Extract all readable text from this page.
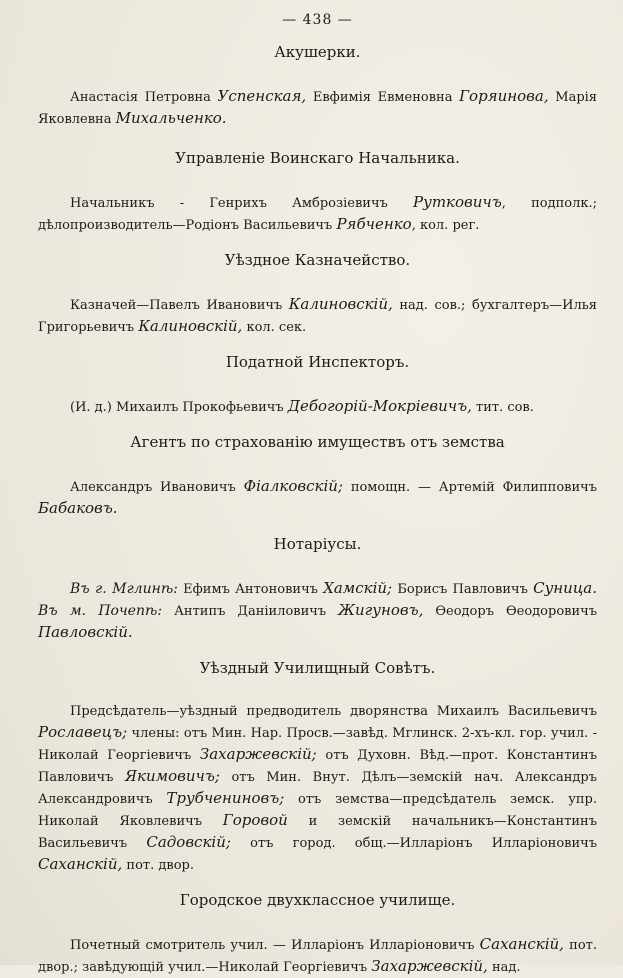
— 438 —
Акушерки.

Анастасія Петровна Успенская, Евфимія Евменовна Горяинова, Марія Яковлевна Михальченко.

Управленіе Воинскаго Начальника.

Начальникъ - Генрихъ Амброзіевичъ Рутковичъ, подполк.; дѣлопроизводитель—Родіонъ Васильевичъ Рябченко, кол. рег.

Уѣздное Казначейство.

Казначей—Павелъ Ивановичъ Калиновскій, над. сов.; бухгалтеръ—Илья Григорьевичъ Калиновскій, кол. сек.

Податной Инспекторъ.

(И. д.) Михаилъ Прокофьевичъ Дебогорій-Мокріевичъ, тит. сов.

Агентъ по страхованію имуществъ отъ земства

Александръ Ивановичъ Фіалковскій; помощн. — Артемій Филипповичъ Бабаковъ.

Нотаріусы.

Въ г. Мглинѣ: Ефимъ Антоновичъ Хамскій; Борисъ Павловичъ Суница. Въ м. Почепѣ: Антипъ Даніиловичъ Жигуновъ, Ѳеодоръ Ѳеодоровичъ Павловскій.

Уѣздный Училищный Совѣтъ.

Предсѣдатель—уѣздный предводитель дворянства Михаилъ Васильевичъ Рославецъ; члены: отъ Мин. Нар. Просв.—завѣд. Мглинск. 2-хъ-кл. гор. учил. - Николай Георгіевичъ Захаржевскій; отъ Духовн. Вѣд.—прот. Константинъ Павловичъ Якимовичъ; отъ Мин. Внут. Дѣлъ—земскій нач. Александръ Александровичъ Трубчениновъ; отъ земства—предсѣдатель земск. упр. Николай Яковлевичъ Горовой и земскій начальникъ—Константинъ Васильевичъ Садовскій; отъ город. общ.—Илларіонъ Илларіоновичъ Саханскій, пот. двор.

Городское двухклассное училище.

Почетный смотритель учил. — Илларіонъ Илларіоновичъ Саханскій, пот. двор.; завѣдующій учил.—Николай Георгіевичъ Захаржевскій, над.
